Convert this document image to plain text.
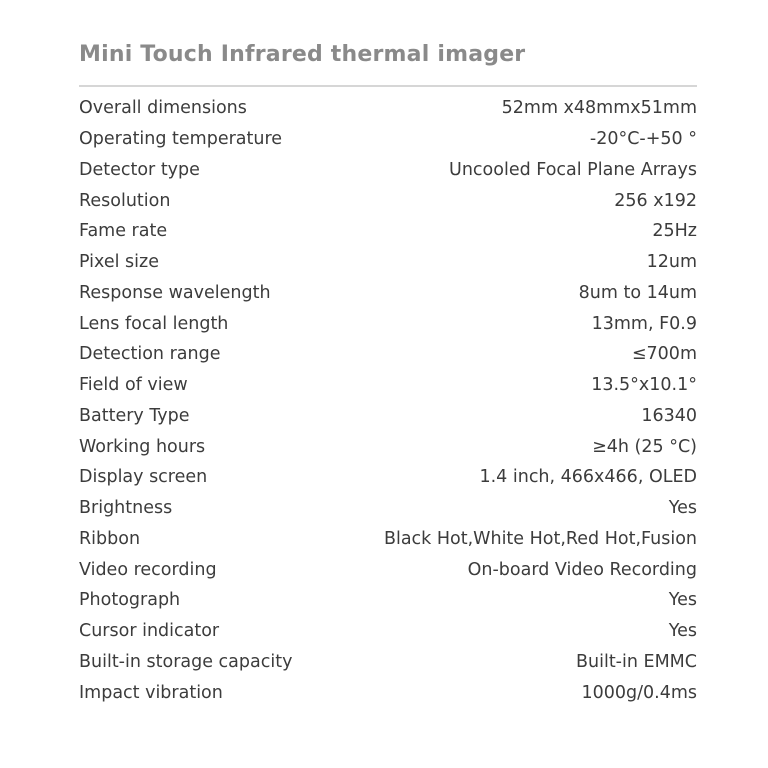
Mini Touch Infrared thermal imager
Overall dimensions	52mm x48mmx51mm
Operating temperature	-20°C-+50 °
Detector type	Uncooled Focal Plane Arrays
Resolution	256 x192
Fame rate	25Hz
Pixel size	12um
Response wavelength	8um to 14um
Lens focal length	13mm, F0.9
Detection range	≤700m
Field of view	13.5°x10.1°
Battery Type	16340
Working hours	≥4h (25 °C)
Display screen	1.4 inch, 466x466, OLED
Brightness	Yes
Ribbon	Black Hot,White Hot,Red Hot,Fusion
Video recording	On-board Video Recording
Photograph	Yes
Cursor indicator	Yes
Built-in storage capacity	Built-in EMMC
Impact vibration	1000g/0.4ms
